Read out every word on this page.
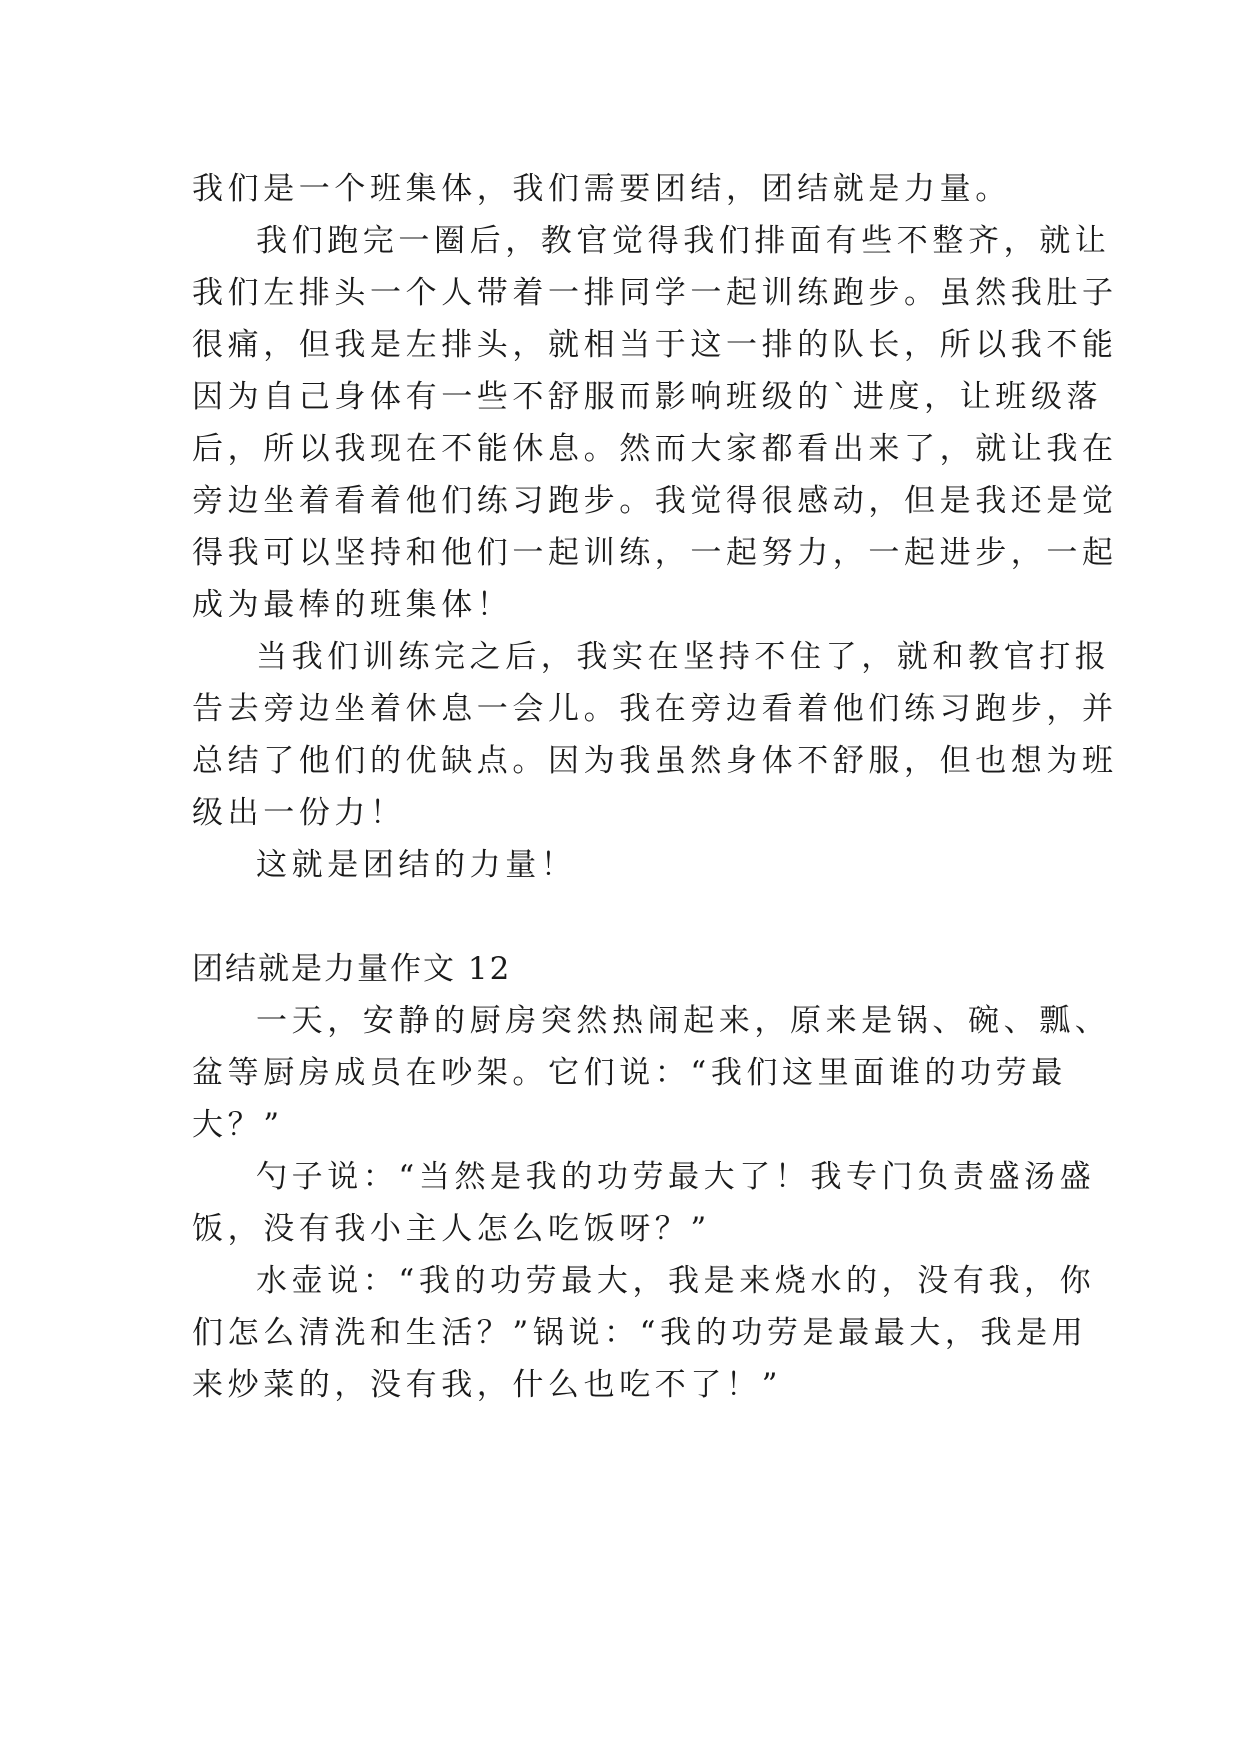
我们是一个班集体，我们需要团结，团结就是力量。
我们跑完一圈后，教官觉得我们排面有些不整齐，就让
我们左排头一个人带着一排同学一起训练跑步。虽然我肚子
很痛，但我是左排头，就相当于这一排的队长，所以我不能
因为自己身体有一些不舒服而影响班级的`进度，让班级落
后，所以我现在不能休息。然而大家都看出来了，就让我在
旁边坐着看着他们练习跑步。我觉得很感动，但是我还是觉
得我可以坚持和他们一起训练，一起努力，一起进步，一起
成为最棒的班集体！
当我们训练完之后，我实在坚持不住了，就和教官打报
告去旁边坐着休息一会儿。我在旁边看着他们练习跑步，并
总结了他们的优缺点。因为我虽然身体不舒服，但也想为班
级出一份力！
这就是团结的力量！
团结就是力量作文 12
一天，安静的厨房突然热闹起来，原来是锅、碗、瓢、
盆等厨房成员在吵架。它们说：“我们这里面谁的功劳最
大？”
勺子说：“当然是我的功劳最大了！我专门负责盛汤盛
饭，没有我小主人怎么吃饭呀？”
水壶说：“我的功劳最大，我是来烧水的，没有我，你
们怎么清洗和生活？”锅说：“我的功劳是最最大，我是用
来炒菜的，没有我，什么也吃不了！”
